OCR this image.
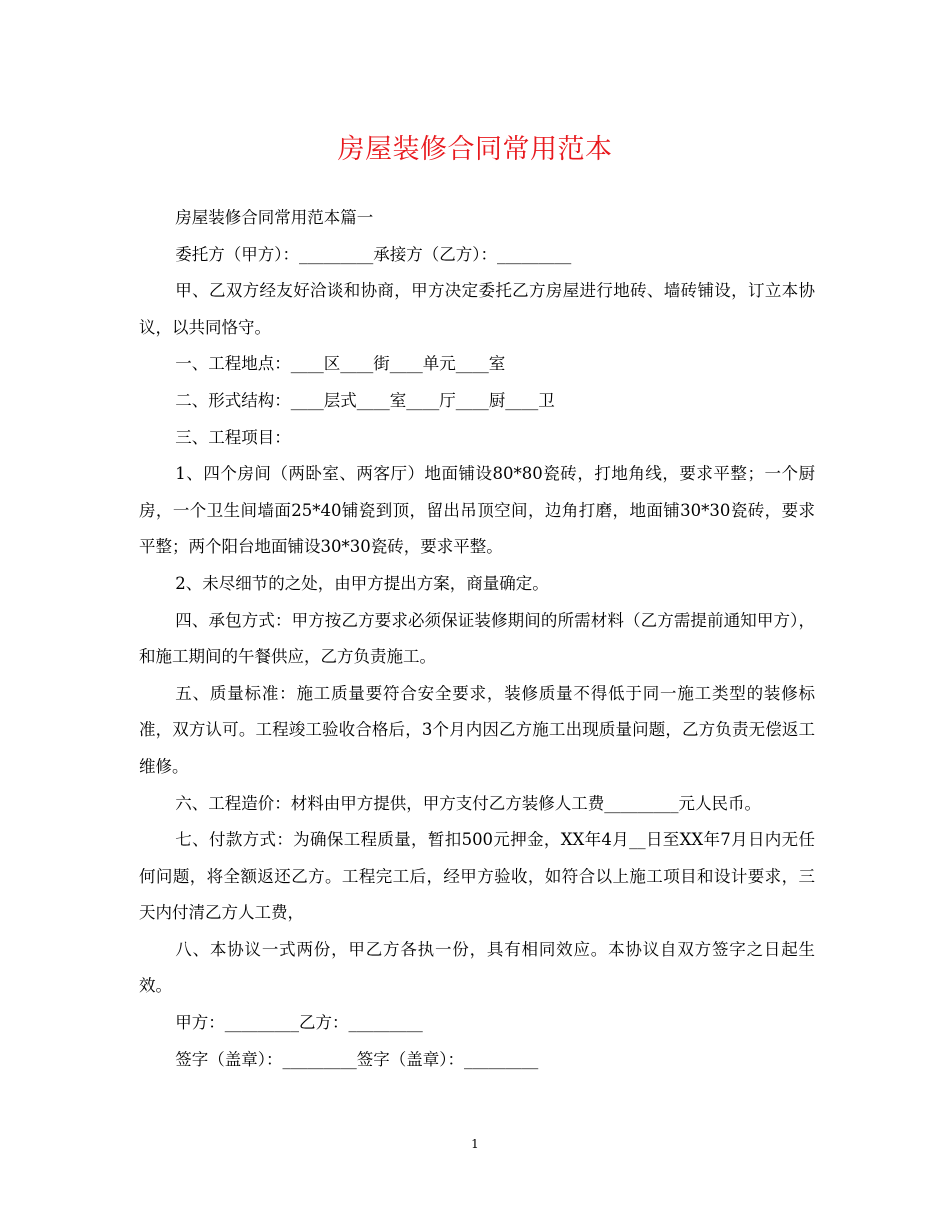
房屋装修合同常用范本

房屋装修合同常用范本篇一

委托方（甲方）：_________承接方（乙方）：_________

甲、乙双方经友好洽谈和协商，甲方决定委托乙方房屋进行地砖、墙砖铺设，订立本协议，以共同恪守。

一、工程地点：____区____街____单元____室

二、形式结构：____层式____室____厅____厨____卫

三、工程项目：

1、四个房间（两卧室、两客厅）地面铺设80*80瓷砖，打地角线，要求平整；一个厨房，一个卫生间墙面25*40铺瓷到顶，留出吊顶空间，边角打磨，地面铺30*30瓷砖，要求平整；两个阳台地面铺设30*30瓷砖，要求平整。

2、未尽细节的之处，由甲方提出方案，商量确定。

四、承包方式：甲方按乙方要求必须保证装修期间的所需材料（乙方需提前通知甲方），和施工期间的午餐供应，乙方负责施工。

五、质量标准：施工质量要符合安全要求，装修质量不得低于同一施工类型的装修标准，双方认可。工程竣工验收合格后，3个月内因乙方施工出现质量问题，乙方负责无偿返工维修。

六、工程造价：材料由甲方提供，甲方支付乙方装修人工费_________元人民币。

七、付款方式：为确保工程质量，暂扣500元押金，XX年4月__日至XX年7月日内无任何问题，将全额返还乙方。工程完工后，经甲方验收，如符合以上施工项目和设计要求，三天内付清乙方人工费，

八、本协议一式两份，甲乙方各执一份，具有相同效应。本协议自双方签字之日起生效。

甲方：_________乙方：_________

签字（盖章）：_________签字（盖章）：_________

1
